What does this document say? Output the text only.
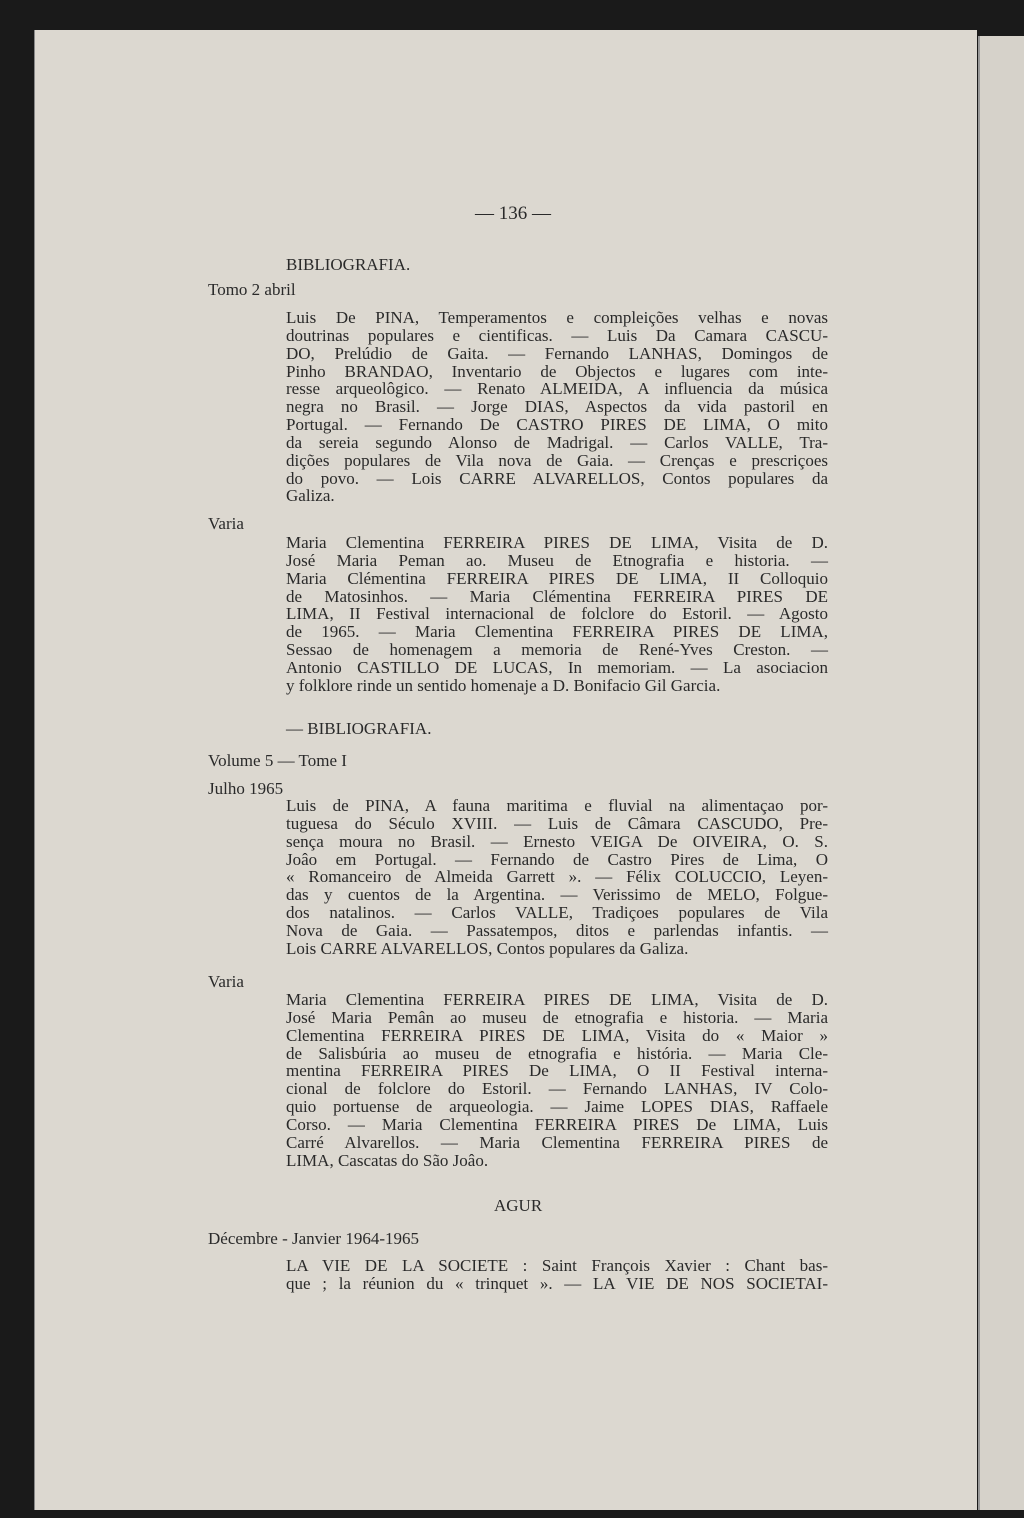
— 136 —
BIBLIOGRAFIA.
Tomo 2 abril
Luis De PINA, Temperamentos e compleições velhas e novas
doutrinas populares e cientificas. — Luis Da Camara CASCU-
DO, Prelúdio de Gaita. — Fernando LANHAS, Domingos de
Pinho BRANDAO, Inventario de Objectos e lugares com inte-
resse arqueolôgico. — Renato ALMEIDA, A influencia da música
negra no Brasil. — Jorge DIAS, Aspectos da vida pastoril en
Portugal. — Fernando De CASTRO PIRES DE LIMA, O mito
da sereia segundo Alonso de Madrigal. — Carlos VALLE, Tra-
dições populares de Vila nova de Gaia. — Crenças e prescriçoes
do povo. — Lois CARRE ALVARELLOS, Contos populares da
Galiza.
Varia
Maria Clementina FERREIRA PIRES DE LIMA, Visita de D.
José Maria Peman ao. Museu de Etnografia e historia. —
Maria Clémentina FERREIRA PIRES DE LIMA, II Colloquio
de Matosinhos. — Maria Clémentina FERREIRA PIRES DE
LIMA, II Festival internacional de folclore do Estoril. — Agosto
de 1965. — Maria Clementina FERREIRA PIRES DE LIMA,
Sessao de homenagem a memoria de René-Yves Creston. —
Antonio CASTILLO DE LUCAS, In memoriam. — La asociacion
y folklore rinde un sentido homenaje a D. Bonifacio Gil Garcia.
— BIBLIOGRAFIA.
Volume 5 — Tome I
Julho 1965
Luis de PINA, A fauna maritima e fluvial na alimentaçao por-
tuguesa do Século XVIII. — Luis de Câmara CASCUDO, Pre-
sença moura no Brasil. — Ernesto VEIGA De OIVEIRA, O. S.
Joâo em Portugal. — Fernando de Castro Pires de Lima, O
« Romanceiro de Almeida Garrett ». — Félix COLUCCIO, Leyen-
das y cuentos de la Argentina. — Verissimo de MELO, Folgue-
dos natalinos. — Carlos VALLE, Tradiçoes populares de Vila
Nova de Gaia. — Passatempos, ditos e parlendas infantis. —
Lois CARRE ALVARELLOS, Contos populares da Galiza.
Varia
Maria Clementina FERREIRA PIRES DE LIMA, Visita de D.
José Maria Pemân ao museu de etnografia e historia. — Maria
Clementina FERREIRA PIRES DE LIMA, Visita do « Maior »
de Salisbúria ao museu de etnografia e história. — Maria Cle-
mentina FERREIRA PIRES De LIMA, O II Festival interna-
cional de folclore do Estoril. — Fernando LANHAS, IV Colo-
quio portuense de arqueologia. — Jaime LOPES DIAS, Raffaele
Corso. — Maria Clementina FERREIRA PIRES De LIMA, Luis
Carré Alvarellos. — Maria Clementina FERREIRA PIRES de
LIMA, Cascatas do São Joâo.
AGUR
Décembre - Janvier 1964-1965
LA VIE DE LA SOCIETE : Saint François Xavier : Chant bas-
que ; la réunion du « trinquet ». — LA VIE DE NOS SOCIETAI-
